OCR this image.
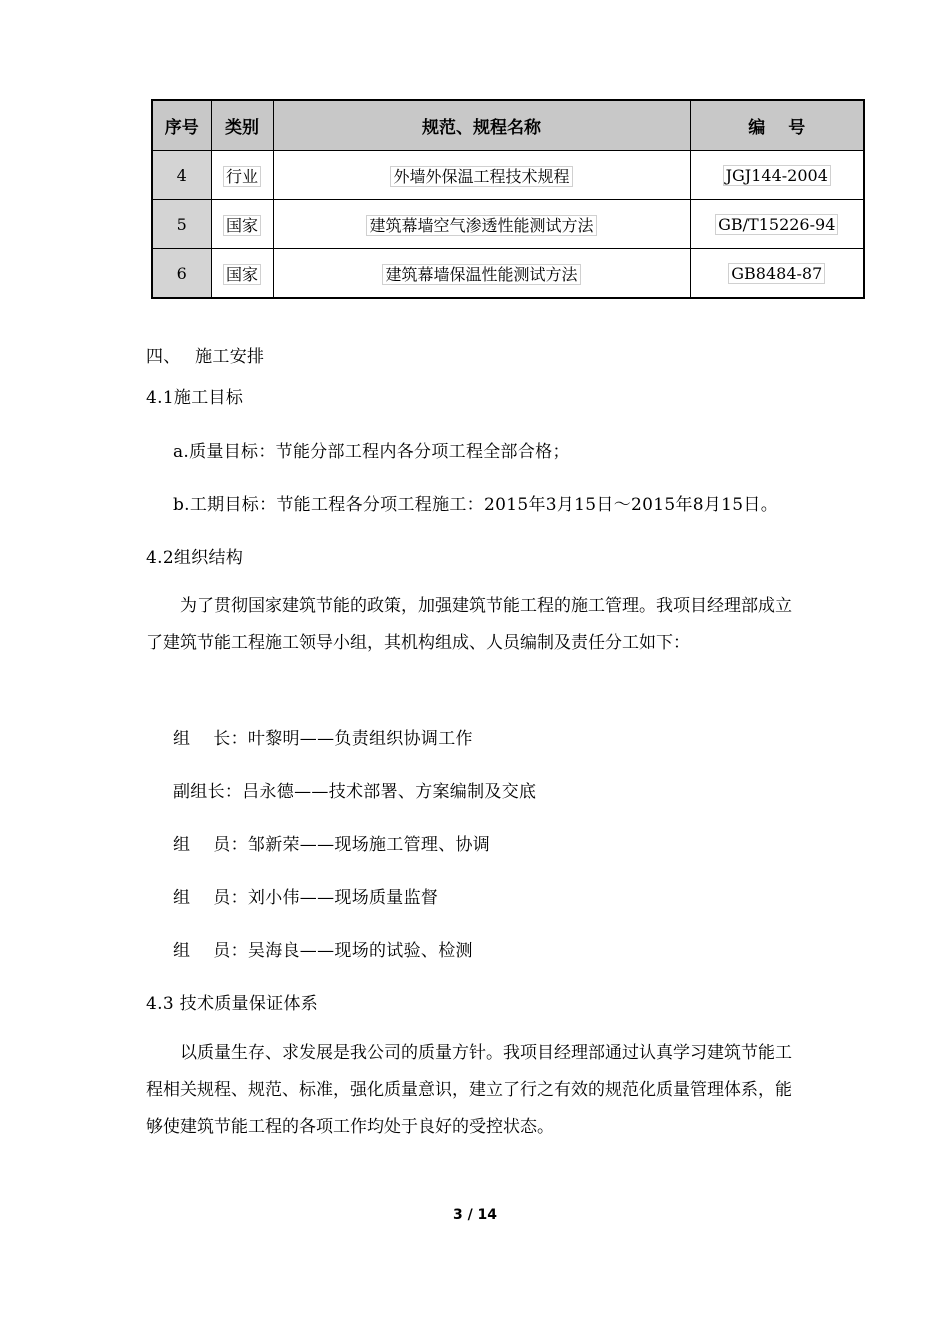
序号	类别	规范、规程名称	编　 号
4	行业	外墙外保温工程技术规程	JGJ144-2004
5	国家	建筑幕墙空气渗透性能测试方法	GB/T15226-94
6	国家	建筑幕墙保温性能测试方法	GB8484-87
四、　 施工安排
4.1施工目标
a.质量目标：节能分部工程内各分项工程全部合格；
b.工期目标：节能工程各分项工程施工：2015年3月15日～2015年8月15日。
4.2组织结构

为了贯彻国家建筑节能的政策，加强建筑节能工程的施工管理。我项目经理部成立了建筑节能工程施工领导小组，其机构组成、人员编制及责任分工如下：

组　 长：叶黎明——负责组织协调工作
副组长：吕永德——技术部署、方案编制及交底
组　 员：邹新荣——现场施工管理、协调
组　 员：刘小伟——现场质量监督
组　 员：吴海良——现场的试验、检测
4.3 技术质量保证体系

以质量生存、求发展是我公司的质量方针。我项目经理部通过认真学习建筑节能工程相关规程、规范、标准，强化质量意识，建立了行之有效的规范化质量管理体系，能够使建筑节能工程的各项工作均处于良好的受控状态。

3 / 14
